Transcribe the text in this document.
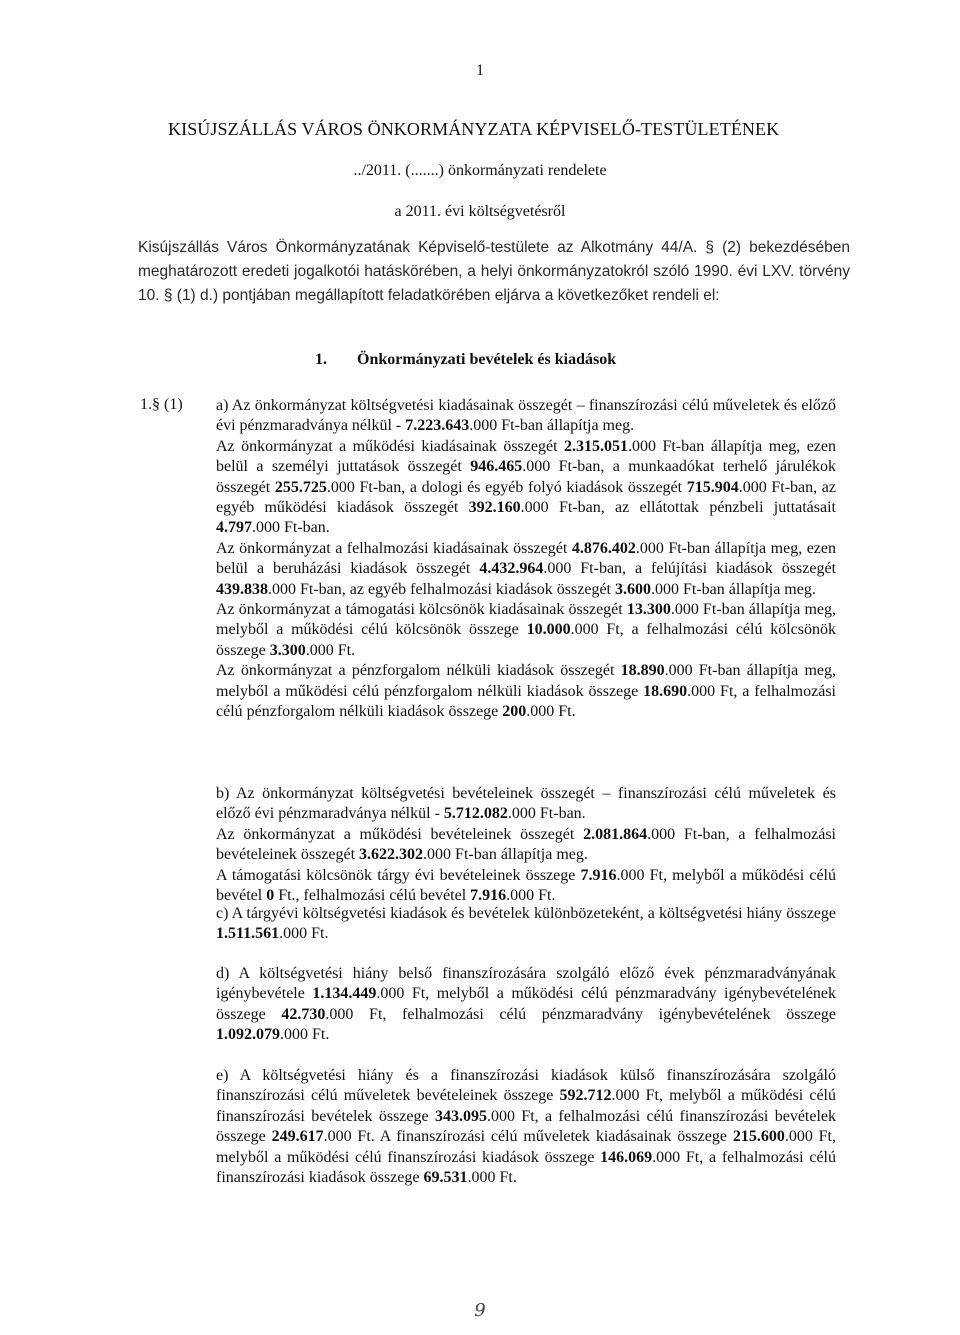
1
KISÚJSZÁLLÁS VÁROS ÖNKORMÁNYZATA KÉPVISELŐ-TESTÜLETÉNEK
../2011. (.......) önkormányzati rendelete
a 2011. évi költségvetésről
Kisújszállás Város Önkormányzatának Képviselő-testülete az Alkotmány 44/A. § (2) bekezdésében meghatározott eredeti jogalkotói hatáskörében, a helyi önkormányzatokról szóló 1990. évi LXV. törvény 10. § (1) d.) pontjában megállapított feladatkörében eljárva a következőket rendeli el:
1. Önkormányzati bevételek és kiadások
1.§ (1) a) Az önkormányzat költségvetési kiadásainak összegét – finanszírozási célú műveletek és előző évi pénzmaradványa nélkül - 7.223.643.000 Ft-ban állapítja meg.

Az önkormányzat a működési kiadásainak összegét 2.315.051.000 Ft-ban állapítja meg, ezen belül a személyi juttatások összegét 946.465.000 Ft-ban, a munkaadókat terhelő járulékok összegét 255.725.000 Ft-ban, a dologi és egyéb folyó kiadások összegét 715.904.000 Ft-ban, az egyéb működési kiadások összegét 392.160.000 Ft-ban, az ellátottak pénzbeli juttatásait 4.797.000 Ft-ban.

Az önkormányzat a felhalmozási kiadásainak összegét 4.876.402.000 Ft-ban állapítja meg, ezen belül a beruházási kiadások összegét 4.432.964.000 Ft-ban, a felújítási kiadások összegét 439.838.000 Ft-ban, az egyéb felhalmozási kiadások összegét 3.600.000 Ft-ban állapítja meg.

Az önkormányzat a támogatási kölcsönök kiadásainak összegét 13.300.000 Ft-ban állapítja meg, melyből a működési célú kölcsönök összege 10.000.000 Ft, a felhalmozási célú kölcsönök összege 3.300.000 Ft.

Az önkormányzat a pénzforgalom nélküli kiadások összegét 18.890.000 Ft-ban állapítja meg, melyből a működési célú pénzforgalom nélküli kiadások összege 18.690.000 Ft, a felhalmozási célú pénzforgalom nélküli kiadások összege 200.000 Ft.

b) Az önkormányzat költségvetési bevételeinek összegét – finanszírozási célú műveletek és előző évi pénzmaradványa nélkül - 5.712.082.000 Ft-ban.

Az önkormányzat a működési bevételeinek összegét 2.081.864.000 Ft-ban, a felhalmozási bevételeinek összegét 3.622.302.000 Ft-ban állapítja meg.

A támogatási kölcsönök tárgy évi bevételeinek összege 7.916.000 Ft, melyből a működési célú bevétel 0 Ft., felhalmozási célú bevétel 7.916.000 Ft.

c) A tárgyévi költségvetési kiadások és bevételek különbözeteként, a költségvetési hiány összege 1.511.561.000 Ft.

d) A költségvetési hiány belső finanszírozására szolgáló előző évek pénzmaradványának igénybevétele 1.134.449.000 Ft, melyből a működési célú pénzmaradvány igénybevételének összege 42.730.000 Ft, felhalmozási célú pénzmaradvány igénybevételének összege 1.092.079.000 Ft.

e) A költségvetési hiány és a finanszírozási kiadások külső finanszírozására szolgáló finanszírozási célú műveletek bevételeinek összege 592.712.000 Ft, melyből a működési célú finanszírozási bevételek összege 343.095.000 Ft, a felhalmozási célú finanszírozási bevételek összege 249.617.000 Ft. A finanszírozási célú műveletek kiadásainak összege 215.600.000 Ft, melyből a működési célú finanszírozási kiadások összege 146.069.000 Ft, a felhalmozási célú finanszírozási kiadások összege 69.531.000 Ft.

9
